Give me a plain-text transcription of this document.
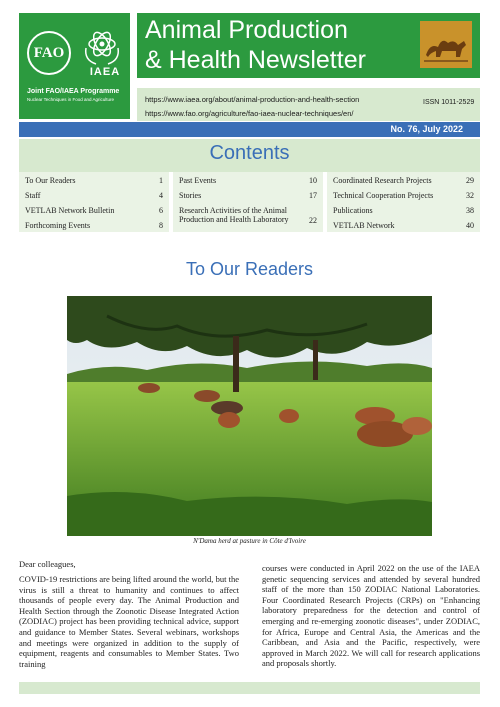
FAO
IAEA
Joint FAO/IAEA Programme
Nuclear Techniques in Food and Agriculture
Animal Production
& Health Newsletter
https://www.iaea.org/about/animal-production-and-health-section
https://www.fao.org/agriculture/fao-iaea-nuclear-techniques/en/
ISSN 1011-2529
No. 76, July 2022
Contents
To Our Readers	1
Staff	4
VETLAB Network Bulletin	6
Forthcoming Events	8
Past Events	10
Stories	17
Research Activities of the Animal Production and Health Laboratory	22
Coordinated Research Projects	29
Technical Cooperation Projects	32
Publications	38
VETLAB Network	40
To Our Readers
N'Dama herd at pasture in Côte d'Ivoire
Dear colleagues,
COVID-19 restrictions are being lifted around the world, but the virus is still a threat to humanity and continues to affect thousands of people every day. The Animal Production and Health Section through the Zoonotic Disease Integrated Action (ZODIAC) project has been providing technical advice, support and guidance to Member States. Several webinars, workshops and meetings were organized in addition to the supply of equipment, reagents and consumables to Member States. Two training
courses were conducted in April 2022 on the use of the IAEA genetic sequencing services and attended by several hundred staff of the more than 150 ZODIAC National Laboratories. Four Coordinated Research Projects (CRPs) on "Enhancing laboratory preparedness for the detection and control of emerging and re-emerging zoonotic diseases", under ZODIAC, for Africa, Europe and Central Asia, the Americas and the Caribbean, and Asia and the Pacific, respectively, were approved in March 2022. We will call for research applications and proposals shortly.
